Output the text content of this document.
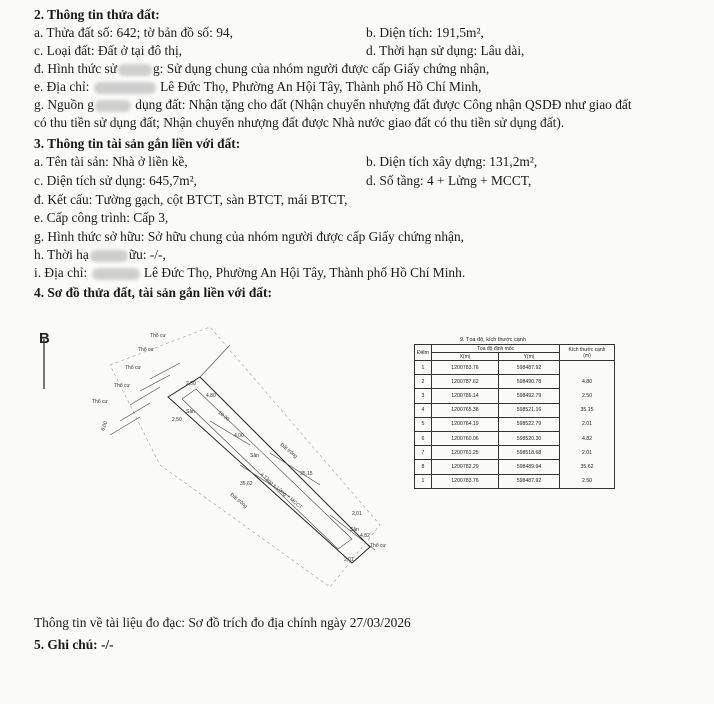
2. Thông tin thửa đất:
a. Thửa đất số: 642; tờ bản đồ số: 94,	b. Diện tích: 191,5m²,
c. Loại đất: Đất ở tại đô thị,	d. Thời hạn sử dụng: Lâu dài,
đ. Hình thức sử	g: Sử dụng chung của nhóm người được cấp Giấy chứng nhận,
e. Địa chỉ:	Lê Đức Thọ, Phường An Hội Tây, Thành phố Hồ Chí Minh,
g. Nguồn g	dụng đất: Nhận tặng cho đất (Nhận chuyển nhượng đất được Công nhận QSDĐ như giao đất
có thu tiền sử dụng đất; Nhận chuyển nhượng đất được Nhà nước giao đất có thu tiền sử dụng đất).
3. Thông tin tài sản gắn liền với đất:
a. Tên tài sản: Nhà ở liền kề,	b. Diện tích xây dựng: 131,2m²,
c. Diện tích sử dụng: 645,7m²,	d. Số tầng: 4 + Lửng + MCCT,
đ. Kết cấu: Tường gạch, cột BTCT, sàn BTCT, mái BTCT,
e. Cấp công trình: Cấp 3,
g. Hình thức sở hữu: Sở hữu chung của nhóm người được cấp Giấy chứng nhận,
h. Thời hạ	ữu: -/-,
i. Địa chỉ:	Lê Đức Thọ, Phường An Hội Tây, Thành phố Hồ Chí Minh.
4. Sơ đồ thửa đất, tài sản gắn liền với đất:
B	Thổ cư
Thổ cư
Thổ cư
Thổ cư
Thổ cư
Thổ cư
Sân
Sân
Sân
Đất trống
Đất trống 4 Tầng + Lửng + MCCT
4,80
2,50
35,15
2,01
4,82
2,01
35,62
2,50
6,00
10,30
4,00
9. Tọa độ, kích thước cạnh
Điểm	Tọa độ định mốc		Kích thước cạnh
(m)
	X(m)	Y(m)	
1	1200783.76	598487.92	
2	1200787.62	598490.78	4.80
3	1200786.14	598492.79	2.50
4	1200765.38	598521.16	35.15
5	1200764.19	598522.79	2.01
6	1200760.06	598520.30	4.82
7	1200761.25	598518.68	2.01
8	1200782.29	598489.94	35.62
1	1200783.76	598487.92	2.50
Thông tin về tài liệu đo đạc: Sơ đồ trích đo địa chính ngày 27/03/2026
5. Ghi chú: -/-
